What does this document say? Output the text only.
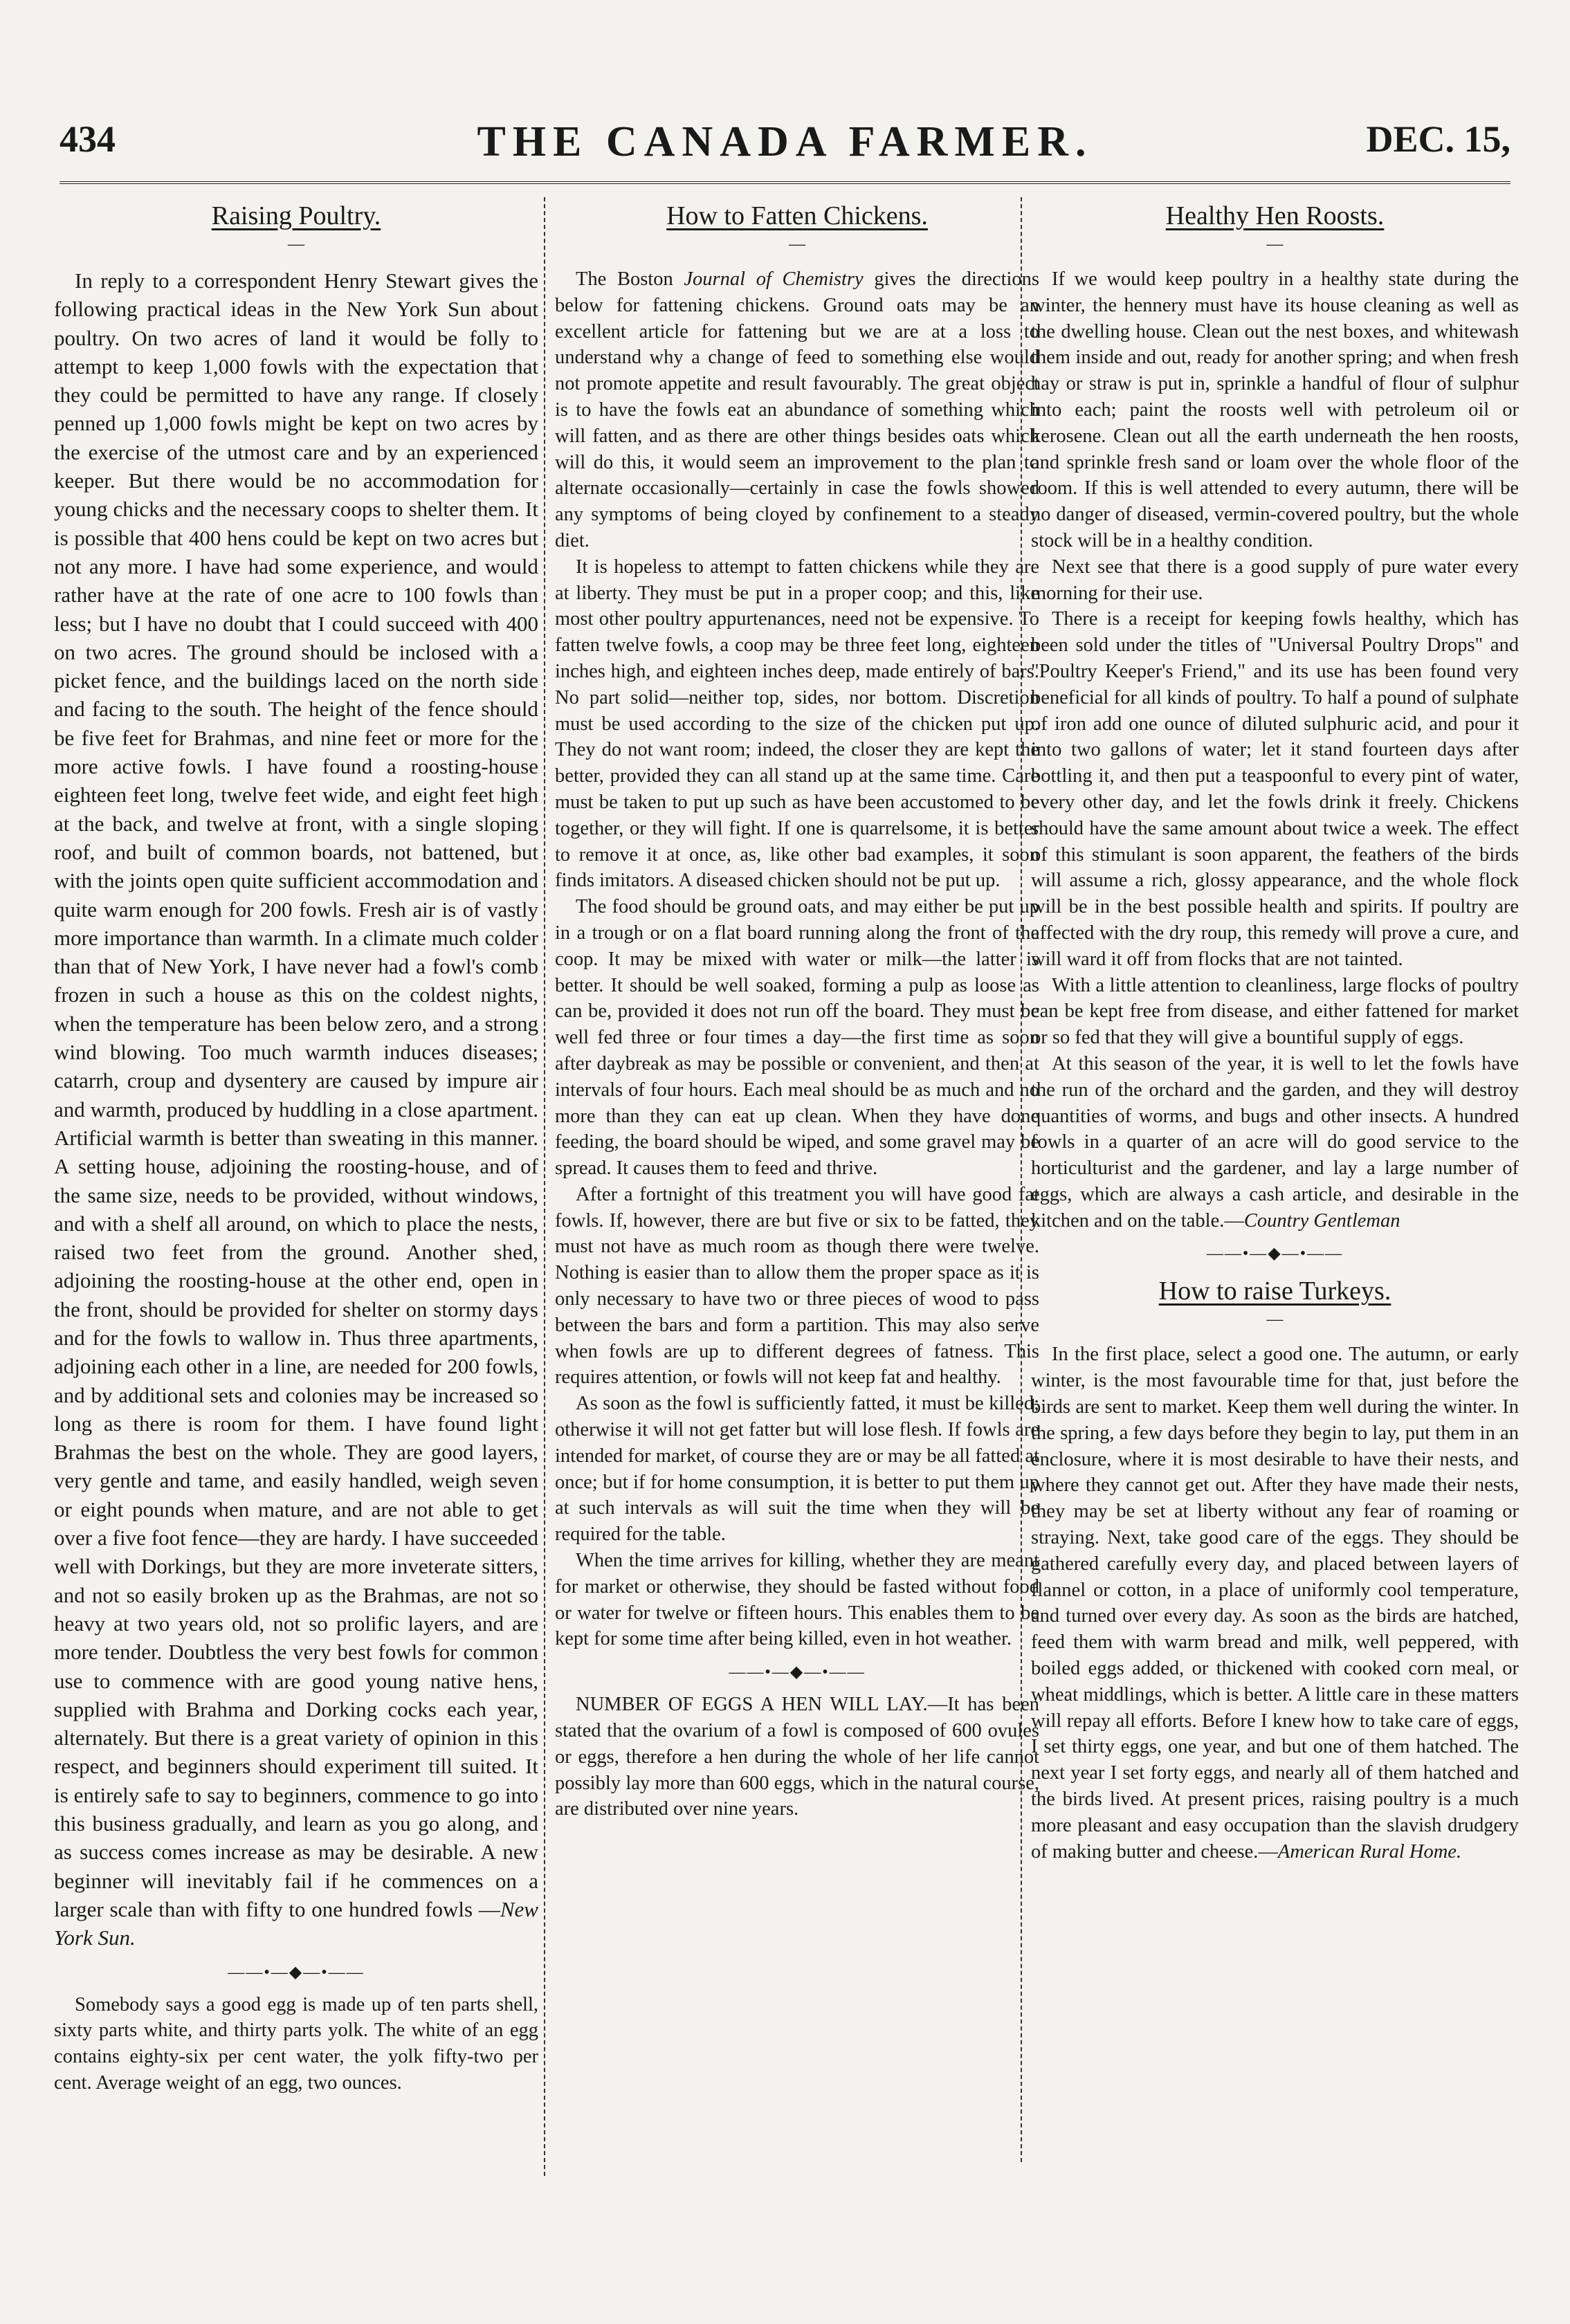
434	THE CANADA FARMER.	DEC. 15,
Raising Poultry.
—

In reply to a correspondent Henry Stewart gives the following practical ideas in the New York Sun about poultry. On two acres of land it would be folly to attempt to keep 1,000 fowls with the expectation that they could be permitted to have any range. If closely penned up 1,000 fowls might be kept on two acres by the exercise of the utmost care and by an experienced keeper. But there would be no accommodation for young chicks and the necessary coops to shelter them. It is possible that 400 hens could be kept on two acres but not any more. I have had some experience, and would rather have at the rate of one acre to 100 fowls than less; but I have no doubt that I could succeed with 400 on two acres. The ground should be inclosed with a picket fence, and the buildings laced on the north side and facing to the south. The height of the fence should be five feet for Brahmas, and nine feet or more for the more active fowls. I have found a roosting-house eighteen feet long, twelve feet wide, and eight feet high at the back, and twelve at front, with a single sloping roof, and built of common boards, not battened, but with the joints open quite sufficient accommodation and quite warm enough for 200 fowls. Fresh air is of vastly more importance than warmth. In a climate much colder than that of New York, I have never had a fowl's comb frozen in such a house as this on the coldest nights, when the temperature has been below zero, and a strong wind blowing. Too much warmth induces diseases; catarrh, croup and dysentery are caused by impure air and warmth, produced by huddling in a close apartment. Artificial warmth is better than sweating in this manner. A setting house, adjoining the roosting-house, and of the same size, needs to be provided, without windows, and with a shelf all around, on which to place the nests, raised two feet from the ground. Another shed, adjoining the roosting-house at the other end, open in the front, should be provided for shelter on stormy days and for the fowls to wallow in. Thus three apartments, adjoining each other in a line, are needed for 200 fowls, and by additional sets and colonies may be increased so long as there is room for them. I have found light Brahmas the best on the whole. They are good layers, very gentle and tame, and easily handled, weigh seven or eight pounds when mature, and are not able to get over a five foot fence—they are hardy. I have succeeded well with Dorkings, but they are more inveterate sitters, and not so easily broken up as the Brahmas, are not so heavy at two years old, not so prolific layers, and are more tender. Doubtless the very best fowls for common use to commence with are good young native hens, supplied with Brahma and Dorking cocks each year, alternately. But there is a great variety of opinion in this respect, and beginners should experiment till suited. It is entirely safe to say to beginners, commence to go into this business gradually, and learn as you go along, and as success comes increase as may be desirable. A new beginner will inevitably fail if he commences on a larger scale than with fifty to one hundred fowls —New York Sun.

——•—◆—•——

Somebody says a good egg is made up of ten parts shell, sixty parts white, and thirty parts yolk. The white of an egg contains eighty-six per cent water, the yolk fifty-two per cent. Average weight of an egg, two ounces.

How to Fatten Chickens.
—

The Boston Journal of Chemistry gives the directions below for fattening chickens. Ground oats may be an excellent article for fattening but we are at a loss to understand why a change of feed to something else would not promote appetite and result favourably. The great object is to have the fowls eat an abundance of something which will fatten, and as there are other things besides oats which will do this, it would seem an improvement to the plan to alternate occasionally—certainly in case the fowls showed any symptoms of being cloyed by confinement to a steady diet.

It is hopeless to attempt to fatten chickens while they are at liberty. They must be put in a proper coop; and this, like most other poultry appurtenances, need not be expensive. To fatten twelve fowls, a coop may be three feet long, eighteen inches high, and eighteen inches deep, made entirely of bars. No part solid—neither top, sides, nor bottom. Discretion must be used according to the size of the chicken put up. They do not want room; indeed, the closer they are kept the better, provided they can all stand up at the same time. Care must be taken to put up such as have been accustomed to be together, or they will fight. If one is quarrelsome, it is better to remove it at once, as, like other bad examples, it soon finds imitators. A diseased chicken should not be put up.

The food should be ground oats, and may either be put up in a trough or on a flat board running along the front of the coop. It may be mixed with water or milk—the latter is better. It should be well soaked, forming a pulp as loose as can be, provided it does not run off the board. They must be well fed three or four times a day—the first time as soon after daybreak as may be possible or convenient, and then at intervals of four hours. Each meal should be as much and no more than they can eat up clean. When they have done feeding, the board should be wiped, and some gravel may be spread. It causes them to feed and thrive.

After a fortnight of this treatment you will have good fat fowls. If, however, there are but five or six to be fatted, they must not have as much room as though there were twelve. Nothing is easier than to allow them the proper space as it is only necessary to have two or three pieces of wood to pass between the bars and form a partition. This may also serve when fowls are up to different degrees of fatness. This requires attention, or fowls will not keep fat and healthy.

As soon as the fowl is sufficiently fatted, it must be killed; otherwise it will not get fatter but will lose flesh. If fowls are intended for market, of course they are or may be all fatted at once; but if for home consumption, it is better to put them up at such intervals as will suit the time when they will be required for the table.

When the time arrives for killing, whether they are meant for market or otherwise, they should be fasted without food or water for twelve or fifteen hours. This enables them to be kept for some time after being killed, even in hot weather.

——•—◆—•——

NUMBER OF EGGS A HEN WILL LAY.—It has been stated that the ovarium of a fowl is composed of 600 ovules or eggs, therefore a hen during the whole of her life cannot possibly lay more than 600 eggs, which in the natural course, are distributed over nine years.

Healthy Hen Roosts.
—

If we would keep poultry in a healthy state during the winter, the hennery must have its house cleaning as well as the dwelling house. Clean out the nest boxes, and whitewash them inside and out, ready for another spring; and when fresh hay or straw is put in, sprinkle a handful of flour of sulphur into each; paint the roosts well with petroleum oil or kerosene. Clean out all the earth underneath the hen roosts, and sprinkle fresh sand or loam over the whole floor of the room. If this is well attended to every autumn, there will be no danger of diseased, vermin-covered poultry, but the whole stock will be in a healthy condition.

Next see that there is a good supply of pure water every morning for their use.

There is a receipt for keeping fowls healthy, which has been sold under the titles of "Universal Poultry Drops" and "Poultry Keeper's Friend," and its use has been found very beneficial for all kinds of poultry. To half a pound of sulphate of iron add one ounce of diluted sulphuric acid, and pour it into two gallons of water; let it stand fourteen days after bottling it, and then put a teaspoonful to every pint of water, every other day, and let the fowls drink it freely. Chickens should have the same amount about twice a week. The effect of this stimulant is soon apparent, the feathers of the birds will assume a rich, glossy appearance, and the whole flock will be in the best possible health and spirits. If poultry are affected with the dry roup, this remedy will prove a cure, and will ward it off from flocks that are not tainted.

With a little attention to cleanliness, large flocks of poultry can be kept free from disease, and either fattened for market or so fed that they will give a bountiful supply of eggs.

At this season of the year, it is well to let the fowls have the run of the orchard and the garden, and they will destroy quantities of worms, and bugs and other insects. A hundred fowls in a quarter of an acre will do good service to the horticulturist and the gardener, and lay a large number of eggs, which are always a cash article, and desirable in the kitchen and on the table.—Country Gentleman

——•—◆—•——
How to raise Turkeys.
—

In the first place, select a good one. The autumn, or early winter, is the most favourable time for that, just before the birds are sent to market. Keep them well during the winter. In the spring, a few days before they begin to lay, put them in an enclosure, where it is most desirable to have their nests, and where they cannot get out. After they have made their nests, they may be set at liberty without any fear of roaming or straying. Next, take good care of the eggs. They should be gathered carefully every day, and placed between layers of flannel or cotton, in a place of uniformly cool temperature, and turned over every day. As soon as the birds are hatched, feed them with warm bread and milk, well peppered, with boiled eggs added, or thickened with cooked corn meal, or wheat middlings, which is better. A little care in these matters will repay all efforts. Before I knew how to take care of eggs, I set thirty eggs, one year, and but one of them hatched. The next year I set forty eggs, and nearly all of them hatched and the birds lived. At present prices, raising poultry is a much more pleasant and easy occupation than the slavish drudgery of making butter and cheese.—American Rural Home.
